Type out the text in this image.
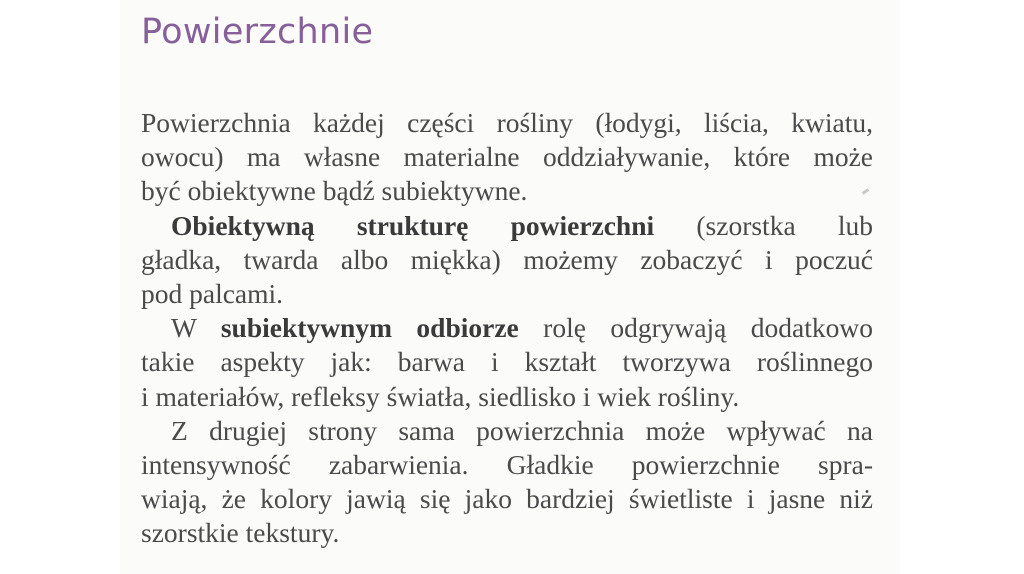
Powierzchnie
Powierzchnia każdej części rośliny (łodygi, liścia, kwiatu,
owocu) ma własne materialne oddziaływanie, które może
być obiektywne bądź subiektywne.
Obiektywną strukturę powierzchni (szorstka lub
gładka, twarda albo miękka) możemy zobaczyć i poczuć
pod palcami.
W subiektywnym odbiorze rolę odgrywają dodatkowo
takie aspekty jak: barwa i kształt tworzywa roślinnego
i materiałów, refleksy światła, siedlisko i wiek rośliny.
Z drugiej strony sama powierzchnia może wpływać na
intensywność zabarwienia. Gładkie powierzchnie spra-
wiają, że kolory jawią się jako bardziej świetliste i jasne niż
szorstkie tekstury.
